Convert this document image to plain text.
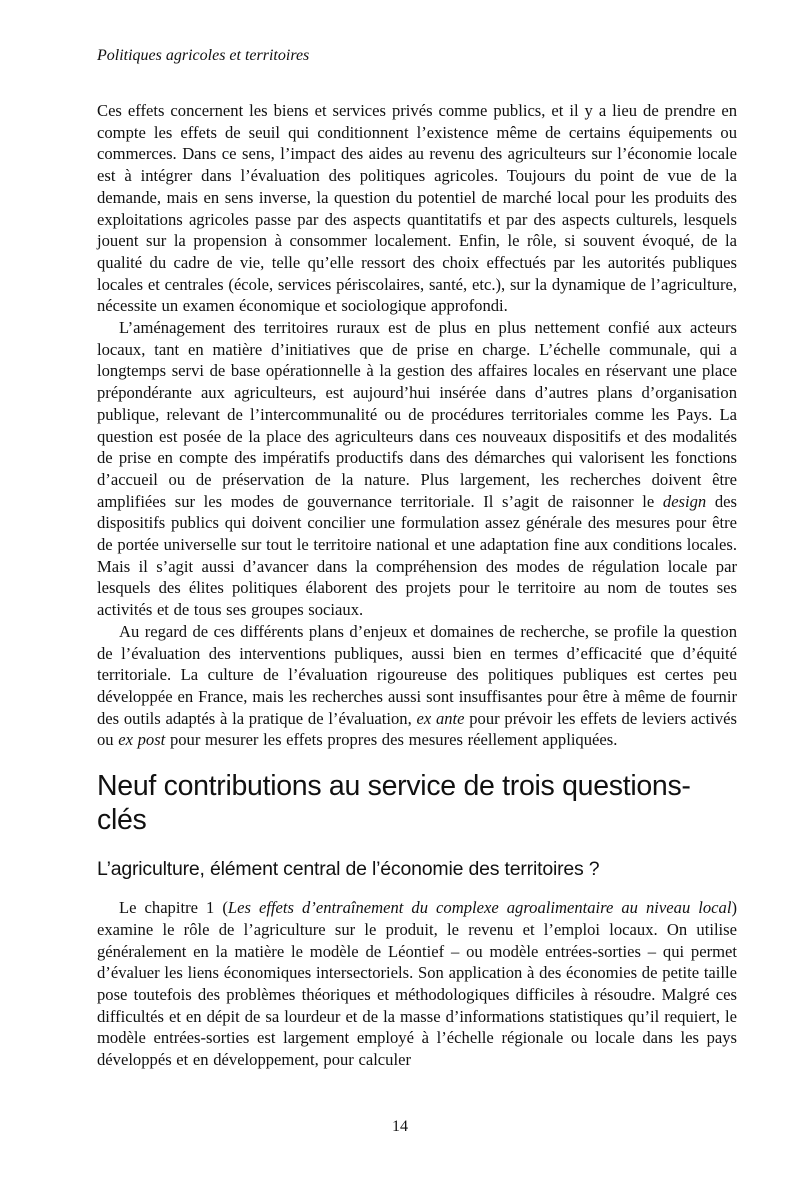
Politiques agricoles et territoires

Ces effets concernent les biens et services privés comme publics, et il y a lieu de prendre en compte les effets de seuil qui conditionnent l’existence même de certains équipements ou commerces. Dans ce sens, l’impact des aides au revenu des agriculteurs sur l’économie locale est à intégrer dans l’évaluation des politiques agricoles. Toujours du point de vue de la demande, mais en sens inverse, la question du potentiel de marché local pour les produits des exploitations agricoles passe par des aspects quantitatifs et par des aspects culturels, lesquels jouent sur la propension à consommer localement. Enfin, le rôle, si souvent évoqué, de la qualité du cadre de vie, telle qu’elle ressort des choix effectués par les autorités publiques locales et centrales (école, services périscolaires, santé, etc.), sur la dynamique de l’agriculture, nécessite un examen économique et sociologique approfondi.

L’aménagement des territoires ruraux est de plus en plus nettement confié aux acteurs locaux, tant en matière d’initiatives que de prise en charge. L’échelle communale, qui a longtemps servi de base opérationnelle à la gestion des affaires locales en réservant une place prépondérante aux agriculteurs, est aujourd’hui insérée dans d’autres plans d’organisation publique, relevant de l’intercommunalité ou de procédures territoriales comme les Pays. La question est posée de la place des agriculteurs dans ces nouveaux dispositifs et des modalités de prise en compte des impératifs productifs dans des démarches qui valorisent les fonctions d’accueil ou de préservation de la nature. Plus largement, les recherches doivent être amplifiées sur les modes de gouvernance territoriale. Il s’agit de raisonner le design des dispositifs publics qui doivent concilier une formulation assez générale des mesures pour être de portée universelle sur tout le territoire national et une adaptation fine aux conditions locales. Mais il s’agit aussi d’avancer dans la compréhension des modes de régulation locale par lesquels des élites politiques élaborent des projets pour le territoire au nom de toutes ses activités et de tous ses groupes sociaux.

Au regard de ces différents plans d’enjeux et domaines de recherche, se profile la question de l’évaluation des interventions publiques, aussi bien en termes d’efficacité que d’équité territoriale. La culture de l’évaluation rigoureuse des politiques publiques est certes peu développée en France, mais les recherches aussi sont insuffisantes pour être à même de fournir des outils adaptés à la pratique de l’évaluation, ex ante pour prévoir les effets de leviers activés ou ex post pour mesurer les effets propres des mesures réellement appliquées.

Neuf contributions au service de trois questions-clés
L’agriculture, élément central de l’économie des territoires ?

Le chapitre 1 (Les effets d’entraînement du complexe agroalimentaire au niveau local) examine le rôle de l’agriculture sur le produit, le revenu et l’emploi locaux. On utilise généralement en la matière le modèle de Léontief – ou modèle entrées-sorties – qui permet d’évaluer les liens économiques intersectoriels. Son application à des économies de petite taille pose toutefois des problèmes théoriques et méthodologiques difficiles à résoudre. Malgré ces difficultés et en dépit de sa lourdeur et de la masse d’informations statistiques qu’il requiert, le modèle entrées-sorties est largement employé à l’échelle régionale ou locale dans les pays développés et en développement, pour calculer

14
